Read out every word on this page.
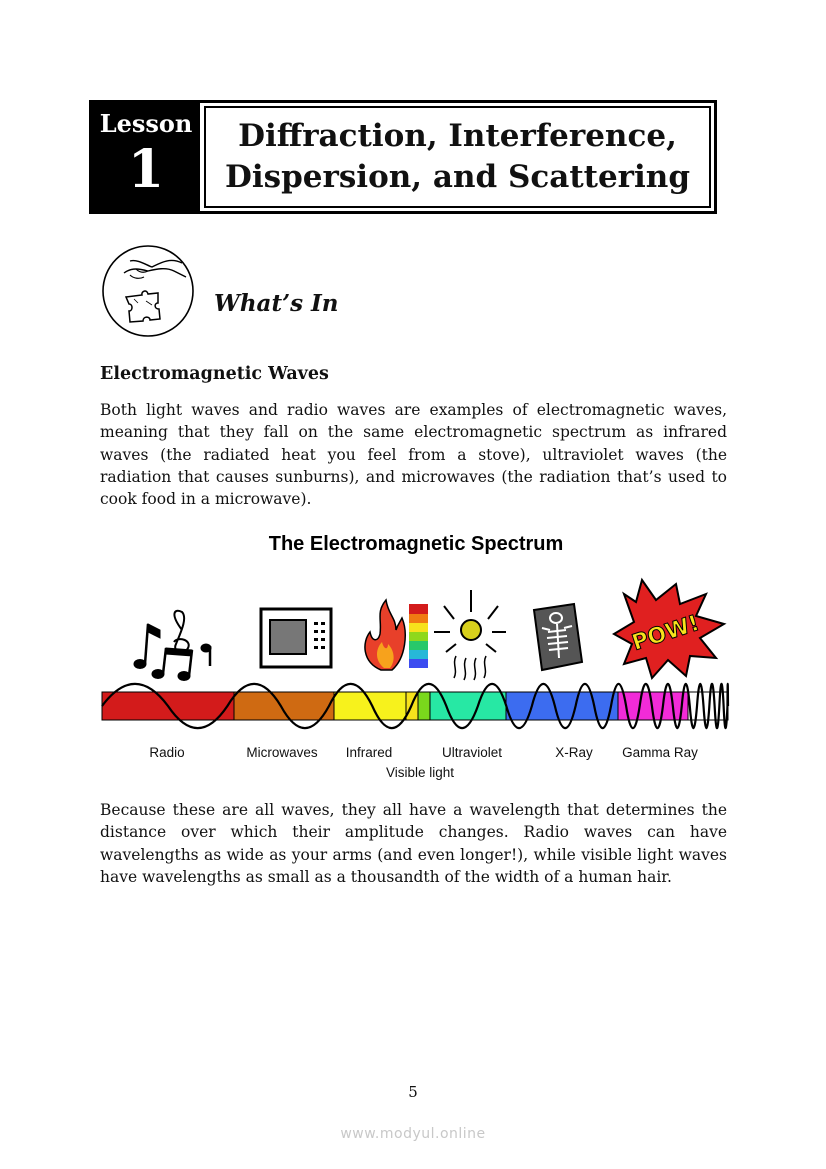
Lesson
1
Diffraction, Interference,
Dispersion, and Scattering
What’s In
Electromagnetic Waves

Both light waves and radio waves are examples of electromagnetic waves, meaning that they fall on the same electromagnetic spectrum as infrared waves (the radiated heat you feel from a stove), ultraviolet waves (the radiation that causes sunburns), and microwaves (the radiation that’s used to cook food in a microwave).

The Electromagnetic Spectrum
POW!
Radio	Microwaves Infrared	Ultraviolet	X-Ray Gamma Ray
Visible light

Because these are all waves, they all have a wavelength that determines the distance over which their amplitude changes. Radio waves can have wavelengths as wide as your arms (and even longer!), while visible light waves have wavelengths as small as a thousandth of the width of a human hair.

5
www.modyul.online
